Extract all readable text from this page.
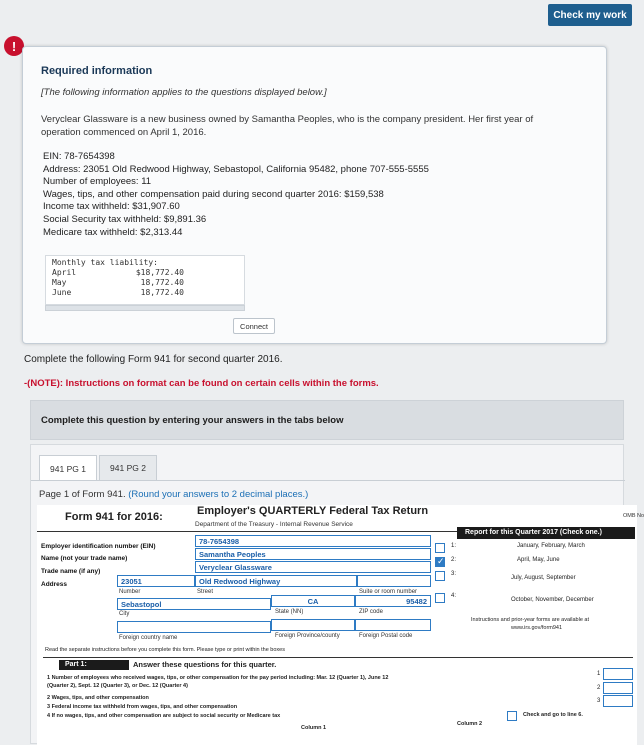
Check my work
!
Required information
[The following information applies to the questions displayed below.]
Veryclear Glassware is a new business owned by Samantha Peoples, who is the company president. Her first year of operation commenced on April 1, 2016.
EIN: 78-7654398
Address: 23051 Old Redwood Highway, Sebastopol, California 95482, phone 707-555-5555
Number of employees: 11
Wages, tips, and other compensation paid during second quarter 2016: $159,538
Income tax withheld: $31,907.60
Social Security tax withheld: $9,891.36
Medicare tax withheld: $2,313.44
Monthly tax liability:
April	$18,772.40
May	18,772.40
June	18,772.40
Connect
Complete the following Form 941 for second quarter 2016.
-(NOTE): Instructions on format can be found on certain cells within the forms.
Complete this question by entering your answers in the tabs below
941 PG 1	941 PG 2
Page 1 of Form 941. (Round your answers to 2 decimal places.)
Form 941 for 2016:	Employer's QUARTERLY Federal Tax Return
Department of the Treasury - Internal Revenue Service
OMB No
Employer identification number (EIN)
78-7654398
Name (not your trade name)	Samantha Peoples
Trade name (if any)	Veryclear Glassware
Address	23051	Old Redwood Highway
Number	Street	Suite or room number
Sebastopol	CA	95482
City	State (NN)	ZIP code
Foreign country name	Foreign Province/county	Foreign Postal code
Report for this Quarter 2017 (Check one.)
1:	January, February, March
✓
2:	April, May, June
3:
July, August, September
4:
October, November, December
Instructions and prior-year forms are available at
www.irs.gov/form941
Read the separate instructions before you complete this form. Please type or print within the boxes
Part 1:	Answer these questions for this quarter.
1 Number of employees who received wages, tips, or other compensation for the pay period including: Mar. 12 (Quarter 1), June 12
(Quarter 2), Sept. 12 (Quarter 3), or Dec. 12 (Quarter 4)
2 Wages, tips, and other compensation
3 Federal income tax withheld from wages, tips, and other compensation
4 If no wages, tips, and other compensation are subject to social security or Medicare tax
1
2
3
Check and go to line 6.
Column 1
Column 2
